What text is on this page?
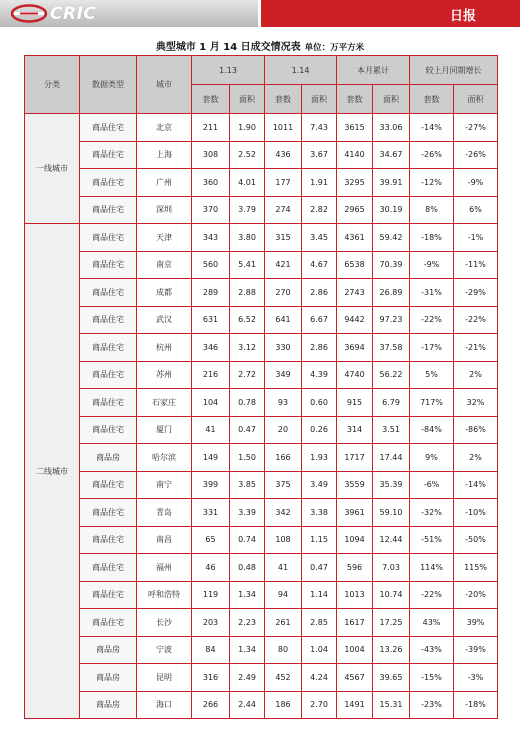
CRIC	日报
典型城市 1 月 14 日成交情况表 单位：万平方米
分类	数据类型	城市	1.13		1.14		本月累计		较上月同期增长	
			套数	面积	套数	面积	套数	面积	套数	面积
一线城市	商品住宅	北京	211	1.90	1011	7.43	3615	33.06	-14%	-27%
	商品住宅	上海	308	2.52	436	3.67	4140	34.67	-26%	-26%
	商品住宅	广州	360	4.01	177	1.91	3295	39.91	-12%	-9%
	商品住宅	深圳	370	3.79	274	2.82	2965	30.19	8%	6%
二线城市	商品住宅	天津	343	3.80	315	3.45	4361	59.42	-18%	-1%
	商品住宅	南京	560	5.41	421	4.67	6538	70.39	-9%	-11%
	商品住宅	成都	289	2.88	270	2.86	2743	26.89	-31%	-29%
	商品住宅	武汉	631	6.52	641	6.67	9442	97.23	-22%	-22%
	商品住宅	杭州	346	3.12	330	2.86	3694	37.58	-17%	-21%
	商品住宅	苏州	216	2.72	349	4.39	4740	56.22	5%	2%
	商品住宅	石家庄	104	0.78	93	0.60	915	6.79	717%	32%
	商品住宅	厦门	41	0.47	20	0.26	314	3.51	-84%	-86%
	商品房	哈尔滨	149	1.50	166	1.93	1717	17.44	9%	2%
	商品住宅	南宁	399	3.85	375	3.49	3559	35.39	-6%	-14%
	商品住宅	青岛	331	3.39	342	3.38	3961	59.10	-32%	-10%
	商品住宅	南昌	65	0.74	108	1.15	1094	12.44	-51%	-50%
	商品住宅	福州	46	0.48	41	0.47	596	7.03	114%	115%
	商品住宅	呼和浩特	119	1.34	94	1.14	1013	10.74	-22%	-20%
	商品住宅	长沙	203	2.23	261	2.85	1617	17.25	43%	39%
	商品房	宁波	84	1.34	80	1.04	1004	13.26	-43%	-39%
	商品房	昆明	316	2.49	452	4.24	4567	39.65	-15%	-3%
	商品房	海口	266	2.44	186	2.70	1491	15.31	-23%	-18%
